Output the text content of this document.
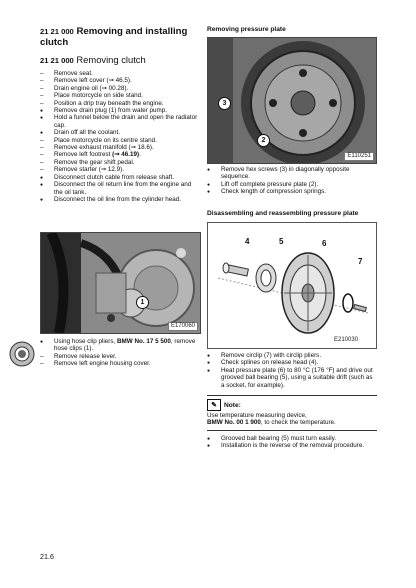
21 21 000 Removing and installing clutch
21 21 000 Removing clutch
–
Remove seat.
–
Remove left cover (➞ 46.5).
–
Drain engine oil (➞ 00.28).
–
Place motorcycle on side stand.
–
Position a drip tray beneath the engine.
●
Remove drain plug (1) from water pump.
●
Hold a funnel below the drain and open the radiator cap.
●
Drain off all the coolant.
–
Place motorcycle on its centre stand.
–
Remove exhaust manifold (➞ 18.6).
–
Remove left footrest (➞ 46.19).
–
Remove the gear shift pedal.
–
Remove starter (➞ 12.9).
●
Disconnect clutch cable from release shaft.
●
Disconnect the oil return line from the engine and the oil tank.
●
Disconnect the oil line from the cylinder head.
1
E170060
●
Using hose clip pliers, BMW No. 17 5 500, remove hose clips (1).
–
Remove release lever.
–
Remove left engine housing cover.
Removing pressure plate
3
2
E110251
●
Remove hex screws (3) in diagonally opposite sequence.
●
Lift off complete pressure plate (2).
●
Check length of compression springs.
Disassembling and reassembling pressure plate
4	5	6
7
E210030
●
Remove circlip (7) with circlip pliers.
●
Check splines on release head (4).
●
Heat pressure plate (6) to 80 °C (176 °F) and drive out grooved ball bearing (5), using a suitable drift (such as a socket, for example).
✎	Note:
Use temperature measuring device,
BMW No. 00 1 900, to check the temperature.
●
Grooved ball bearing (5) must turn easily.
●
Installation is the reverse of the removal procedure.
21.6
